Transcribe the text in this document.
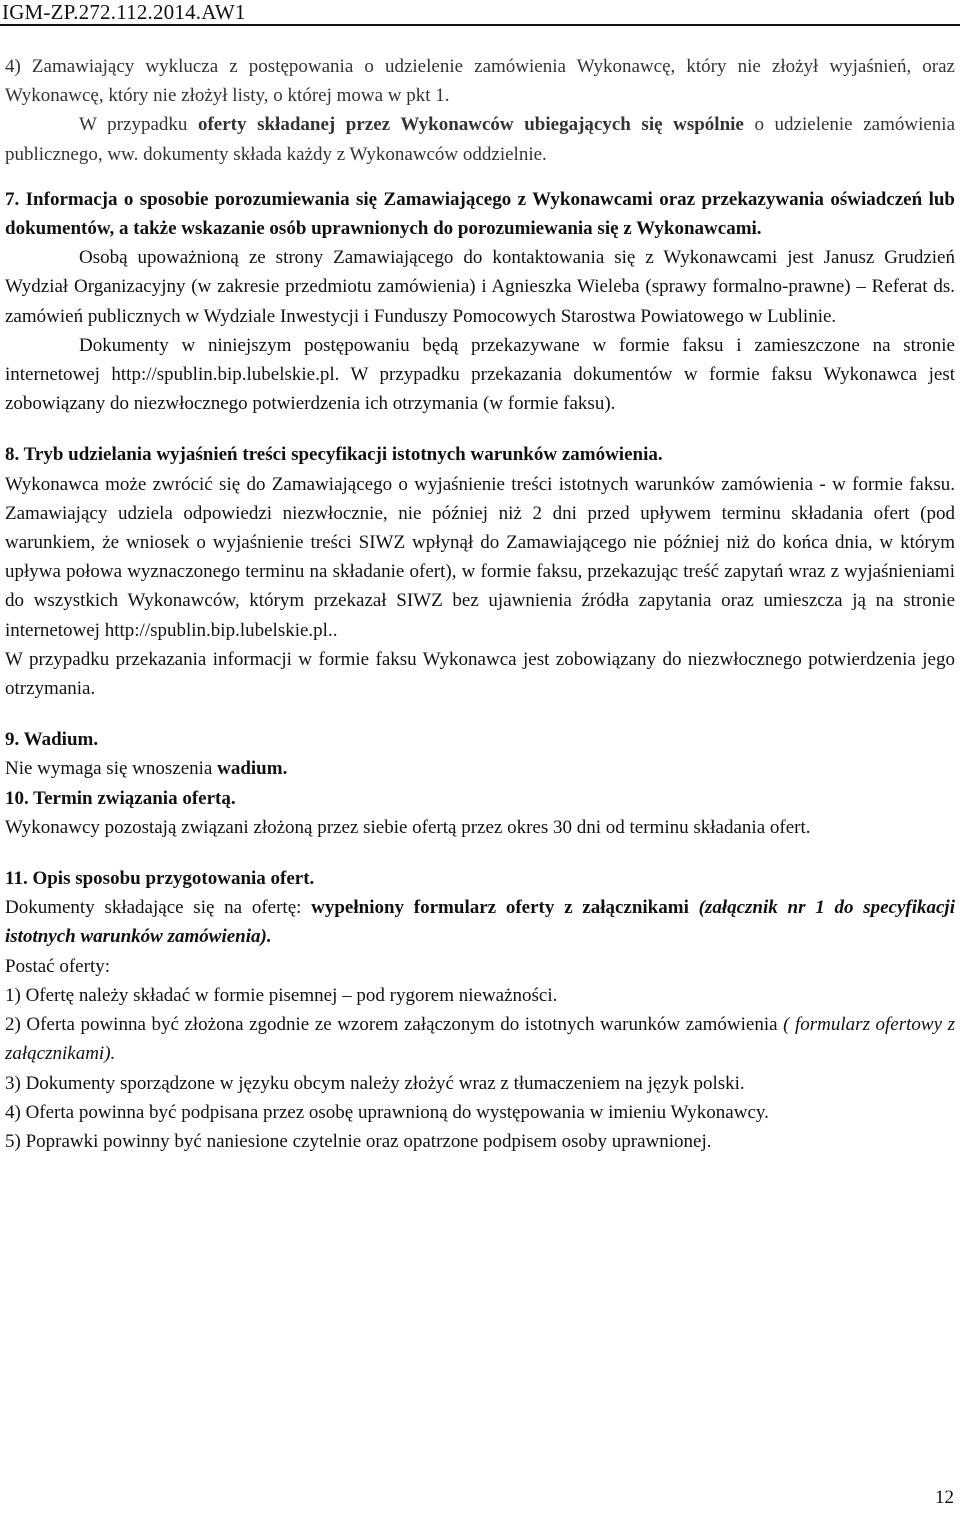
IGM-ZP.272.112.2014.AW1

4) Zamawiający wyklucza z postępowania o udzielenie zamówienia Wykonawcę, który nie złożył wyjaśnień, oraz Wykonawcę, który nie złożył listy, o której mowa w pkt 1.

W przypadku oferty składanej przez Wykonawców ubiegających się wspólnie o udzielenie zamówienia publicznego, ww. dokumenty składa każdy z Wykonawców oddzielnie.

7. Informacja o sposobie porozumiewania się Zamawiającego z Wykonawcami oraz przekazywania oświadczeń lub dokumentów, a także wskazanie osób uprawnionych do porozumiewania się z Wykonawcami.

Osobą upoważnioną ze strony Zamawiającego do kontaktowania się z Wykonawcami jest Janusz Grudzień Wydział Organizacyjny (w zakresie przedmiotu zamówienia) i Agnieszka Wieleba (sprawy formalno-prawne) – Referat ds. zamówień publicznych w Wydziale Inwestycji i Funduszy Pomocowych Starostwa Powiatowego w Lublinie.

Dokumenty w niniejszym postępowaniu będą przekazywane w formie faksu i zamieszczone na stronie internetowej http://spublin.bip.lubelskie.pl. W przypadku przekazania dokumentów w formie faksu Wykonawca jest zobowiązany do niezwłocznego potwierdzenia ich otrzymania (w formie faksu).

8. Tryb udzielania wyjaśnień treści specyfikacji istotnych warunków zamówienia.

Wykonawca może zwrócić się do Zamawiającego o wyjaśnienie treści istotnych warunków zamówienia - w formie faksu. Zamawiający udziela odpowiedzi niezwłocznie, nie później niż 2 dni przed upływem terminu składania ofert (pod warunkiem, że wniosek o wyjaśnienie treści SIWZ wpłynął do Zamawiającego nie później niż do końca dnia, w którym upływa połowa wyznaczonego terminu na składanie ofert), w formie faksu, przekazując treść zapytań wraz z wyjaśnieniami do wszystkich Wykonawców, którym przekazał SIWZ bez ujawnienia źródła zapytania oraz umieszcza ją na stronie internetowej http://spublin.bip.lubelskie.pl..

W przypadku przekazania informacji w formie faksu Wykonawca jest zobowiązany do niezwłocznego potwierdzenia jego otrzymania.

9. Wadium.

Nie wymaga się wnoszenia wadium.

10. Termin związania ofertą.

Wykonawcy pozostają związani złożoną przez siebie ofertą przez okres 30 dni od terminu składania ofert.

11. Opis sposobu przygotowania ofert.

Dokumenty składające się na ofertę: wypełniony formularz oferty z załącznikami (załącznik nr 1 do specyfikacji istotnych warunków zamówienia).

Postać oferty:

1) Ofertę należy składać w formie pisemnej – pod rygorem nieważności.

2) Oferta powinna być złożona zgodnie ze wzorem załączonym do istotnych warunków zamówienia ( formularz ofertowy z załącznikami).

3) Dokumenty sporządzone w języku obcym należy złożyć wraz z tłumaczeniem na język polski.

4) Oferta powinna być podpisana przez osobę uprawnioną do występowania w imieniu Wykonawcy.

5) Poprawki powinny być naniesione czytelnie oraz opatrzone podpisem osoby uprawnionej.

12
